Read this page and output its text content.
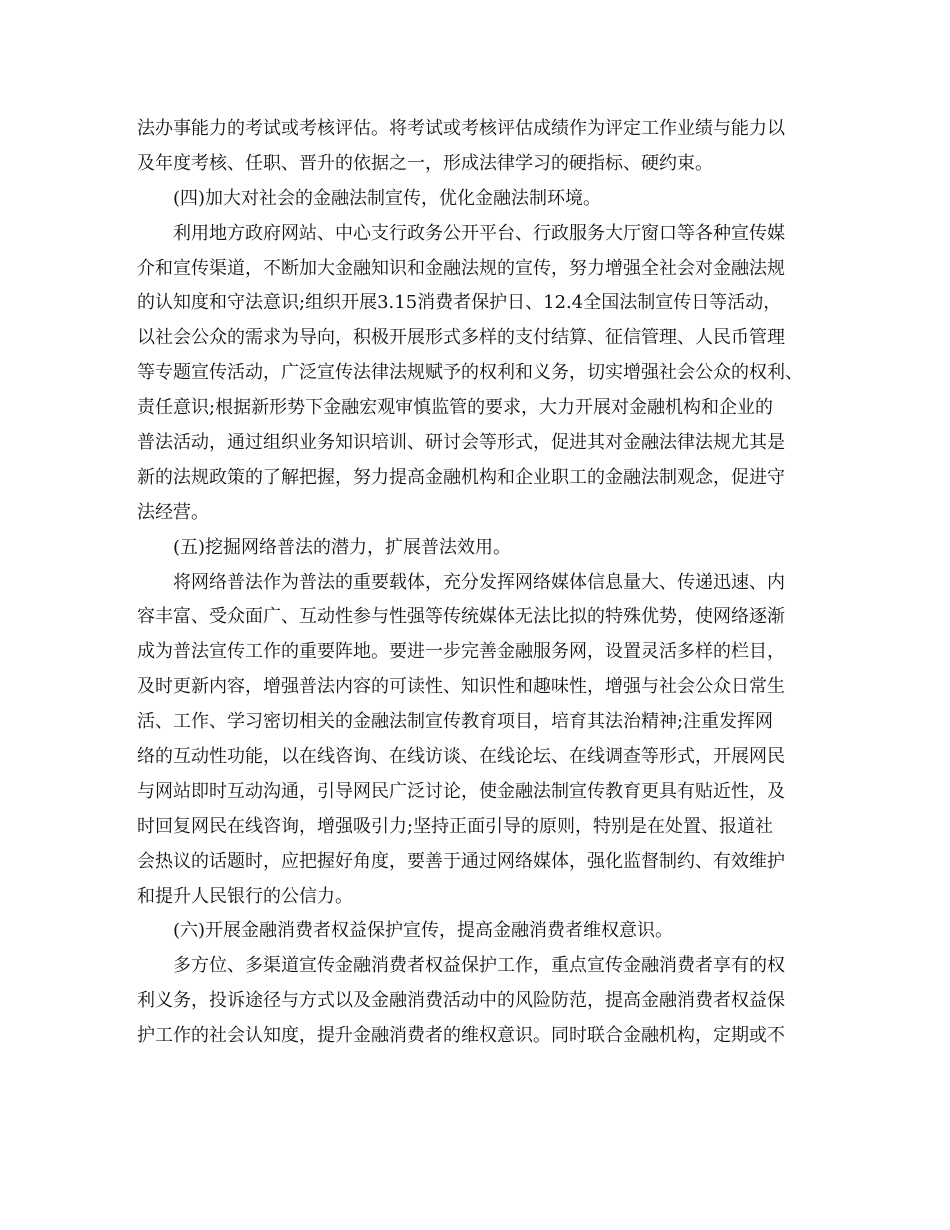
法办事能力的考试或考核评估。将考试或考核评估成绩作为评定工作业绩与能力以
及年度考核、任职、晋升的依据之一，形成法律学习的硬指标、硬约束。
(四)加大对社会的金融法制宣传，优化金融法制环境。
利用地方政府网站、中心支行政务公开平台、行政服务大厅窗口等各种宣传媒
介和宣传渠道，不断加大金融知识和金融法规的宣传，努力增强全社会对金融法规
的认知度和守法意识;组织开展3.15消费者保护日、12.4全国法制宣传日等活动，
以社会公众的需求为导向，积极开展形式多样的支付结算、征信管理、人民币管理
等专题宣传活动，广泛宣传法律法规赋予的权利和义务，切实增强社会公众的权利、
责任意识;根据新形势下金融宏观审慎监管的要求，大力开展对金融机构和企业的
普法活动，通过组织业务知识培训、研讨会等形式，促进其对金融法律法规尤其是
新的法规政策的了解把握，努力提高金融机构和企业职工的金融法制观念，促进守
法经营。
(五)挖掘网络普法的潜力，扩展普法效用。
将网络普法作为普法的重要载体，充分发挥网络媒体信息量大、传递迅速、内
容丰富、受众面广、互动性参与性强等传统媒体无法比拟的特殊优势，使网络逐渐
成为普法宣传工作的重要阵地。要进一步完善金融服务网，设置灵活多样的栏目，
及时更新内容，增强普法内容的可读性、知识性和趣味性，增强与社会公众日常生
活、工作、学习密切相关的金融法制宣传教育项目，培育其法治精神;注重发挥网
络的互动性功能，以在线咨询、在线访谈、在线论坛、在线调查等形式，开展网民
与网站即时互动沟通，引导网民广泛讨论，使金融法制宣传教育更具有贴近性，及
时回复网民在线咨询，增强吸引力;坚持正面引导的原则，特别是在处置、报道社
会热议的话题时，应把握好角度，要善于通过网络媒体，强化监督制约、有效维护
和提升人民银行的公信力。
(六)开展金融消费者权益保护宣传，提高金融消费者维权意识。
多方位、多渠道宣传金融消费者权益保护工作，重点宣传金融消费者享有的权
利义务，投诉途径与方式以及金融消费活动中的风险防范，提高金融消费者权益保
护工作的社会认知度，提升金融消费者的维权意识。同时联合金融机构，定期或不
